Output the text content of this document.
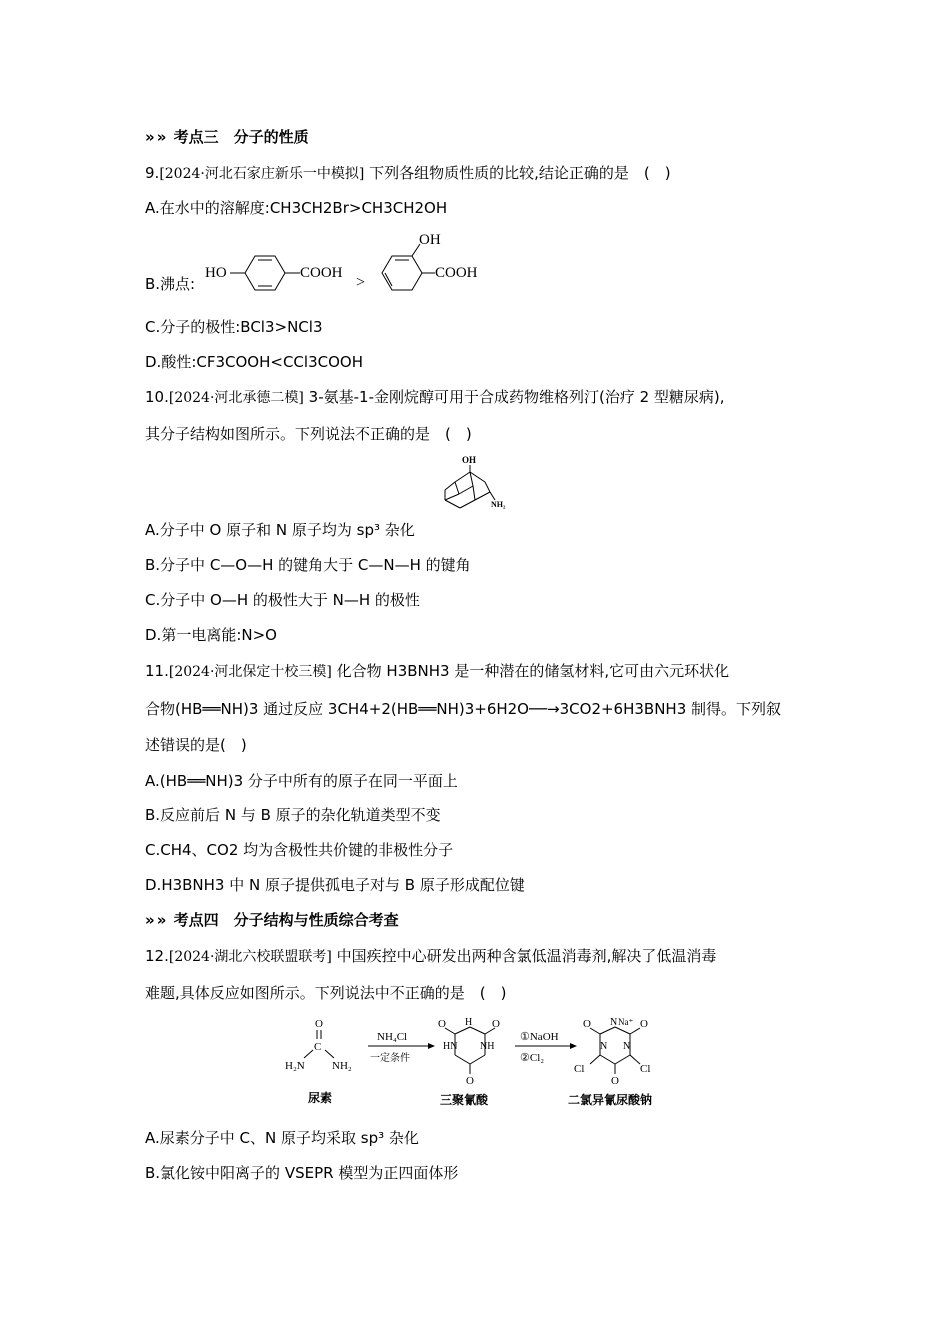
» » 考点三　分子的性质
9.[2024·河北石家庄新乐一中模拟] 下列各组物质性质的比较,结论正确的是　(　)
A.在水中的溶解度:CH3CH2Br>CH3CH2OH
B.沸点:
HO	COOH
>
OH
COOH
C.分子的极性:BCl3>NCl3
D.酸性:CF3COOH<CCl3COOH
10.[2024·河北承德二模] 3-氨基-1-金刚烷醇可用于合成药物维格列汀(治疗 2 型糖尿病),
其分子结构如图所示。下列说法不正确的是　(　)
OH
NH₂
A.分子中 O 原子和 N 原子均为 sp³ 杂化
B.分子中 C—O—H 的键角大于 C—N—H 的键角
C.分子中 O—H 的极性大于 N—H 的极性
D.第一电离能:N>O
11.[2024·河北保定十校三模] 化合物 H3BNH3 是一种潜在的储氢材料,它可由六元环状化
合物(HB══NH)3 通过反应 3CH4+2(HB══NH)3+6H2O──→3CO2+6H3BNH3 制得。下列叙
述错误的是(　)
A.(HB══NH)3 分子中所有的原子在同一平面上
B.反应前后 N 与 B 原子的杂化轨道类型不变
C.CH4、CO2 均为含极性共价键的非极性分子
D.H3BNH3 中 N 原子提供孤电子对与 B 原子形成配位键
» » 考点四　分子结构与性质综合考查
12.[2024·湖北六校联盟联考] 中国疾控中心研发出两种含氯低温消毒剂,解决了低温消毒
难题,具体反应如图所示。下列说法中不正确的是　(　)
O
C
H₂N NH₂
尿素
NH₄Cl
一定条件
O H O
HN NH
O
三聚氰酸
①NaOH
②Cl₂
O N Na⁺ O
N N
Cl	Cl
O
二氯异氰尿酸钠
A.尿素分子中 C、N 原子均采取 sp³ 杂化
B.氯化铵中阳离子的 VSEPR 模型为正四面体形
